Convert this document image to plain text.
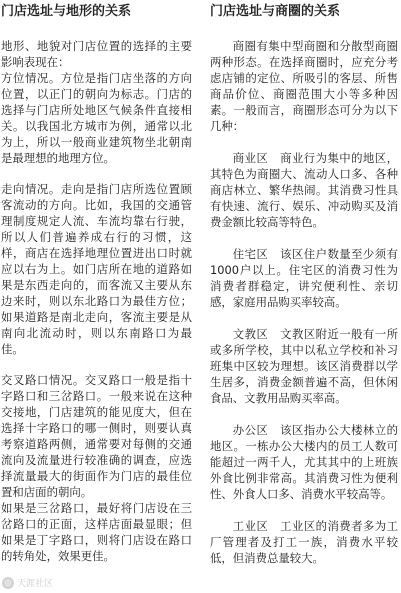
门店选址与地形的关系

地形、地貌对门店位置的选择的主要影响表现在：

方位情况。方位是指门店坐落的方向位置，以正门的朝向为标志。门店的选择与门店所处地区气候条件直接相关。以我国北方城市为例，通常以北为上，所以一般商业建筑物坐北朝南是最理想的地理方位。

走向情况。走向是指门店所选位置顾客流动的方向。比如，我国的交通管理制度规定人流、车流均靠右行驶，所以人们普遍养成右行的习惯，这样，商店在选择地理位置进出口时就应以右为上。如门店所在地的道路如果是东西走向的，而客流又主要从东边来时，则以东北路口为最佳方位；如果道路是南北走向，客流主要是从南向北流动时，则以东南路口为最佳。

交叉路口情况。交叉路口一般是指十字路口和三岔路口。一般来说在这种交接地，门店建筑的能见度大，但在选择十字路口的哪一侧时，则要认真考察道路两侧，通常要对每侧的交通流向及流量进行较准确的调查，应选择流量最大的街面作为门店的最佳位置和店面的朝向。

如果是三岔路口，最好将门店设在三岔路口的正面，这样店面最显眼；但如果是丁字路口，则将门店设在路口的转角处，效果更佳。

门店选址与商圈的关系

商圈有集中型商圈和分散型商圈两种形态。在选择商圈时，应充分考虑店铺的定位、所吸引的客层、所售商品价位、商圈范围大小等多种因素。一般而言，商圈形态可分为以下几种：

商业区　商业行为集中的地区，其特色为商圈大、流动人口多、各种商店林立、繁华热闹。其消费习性具有快速、流行、娱乐、冲动购买及消费金额比较高等特色。

住宅区　该区住户数量至少须有1000户以上。住宅区的消费习性为消费者群稳定，讲究便利性、亲切感，家庭用品购买率较高。

文教区　文教区附近一般有一所或多所学校，其中以私立学校和补习班集中区较为理想。该区消费群以学生居多，消费金额普遍不高，但休闲食品、文教用品购买率高。

办公区　该区指办公大楼林立的地区。一栋办公大楼内的员工人数可能超过一两千人，尤其其中的上班族外食比例非常高。其消费习性为便利性、外食人口多、消费水平较高等。

工业区　工业区的消费者多为工厂管理者及打工一族，消费水平较低，但消费总量较大。

◎ 天涯社区
